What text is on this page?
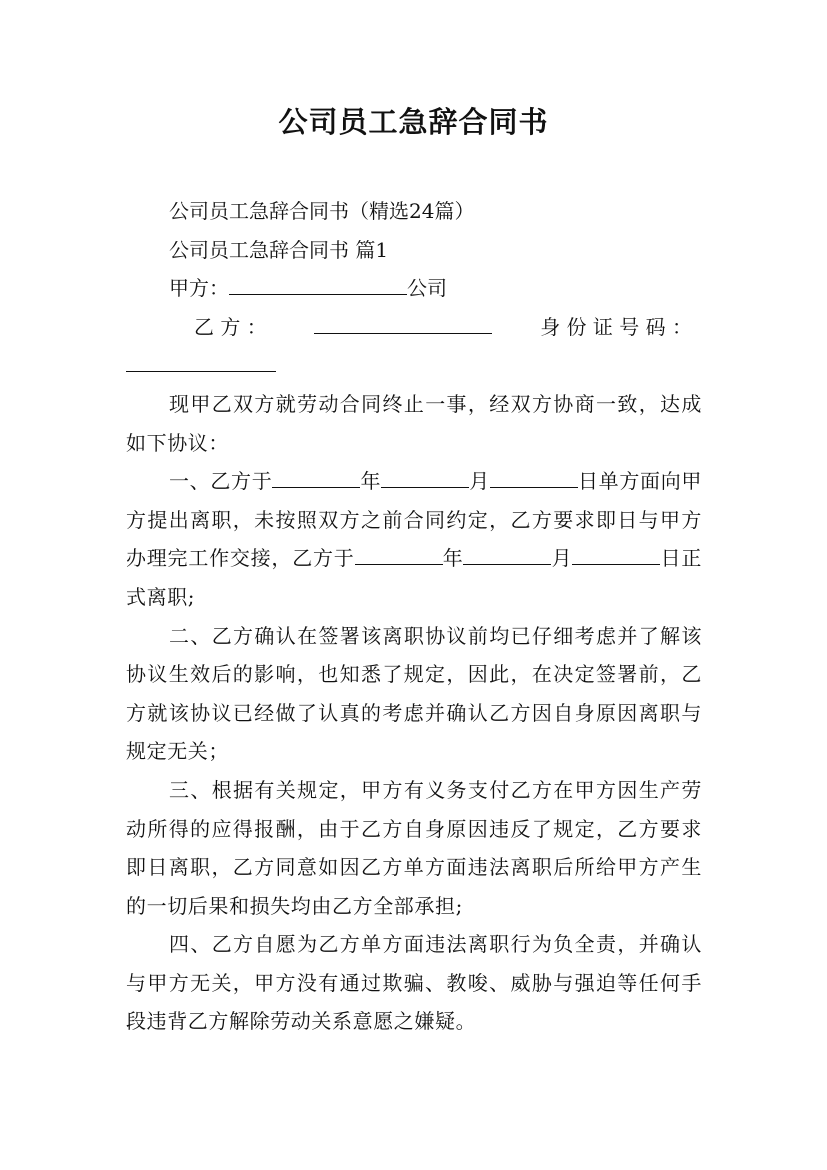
公司员工急辞合同书
公司员工急辞合同书（精选24篇）
公司员工急辞合同书 篇1
甲方：	公司
乙 方 ：	身 份 证 号 码 ：

现甲乙双方就劳动合同终止一事，经双方协商一致，达成如下协议：

一、乙方于	年	月	日单方面向甲方提出离职，未按照双方之前合同约定，乙方要求即日与甲方办理完工作交接，乙方于	年	月	日正式离职;

二、乙方确认在签署该离职协议前均已仔细考虑并了解该协议生效后的影响，也知悉了规定，因此，在决定签署前，乙方就该协议已经做了认真的考虑并确认乙方因自身原因离职与规定无关；

三、根据有关规定，甲方有义务支付乙方在甲方因生产劳动所得的应得报酬，由于乙方自身原因违反了规定，乙方要求即日离职，乙方同意如因乙方单方面违法离职后所给甲方产生的一切后果和损失均由乙方全部承担;

四、乙方自愿为乙方单方面违法离职行为负全责，并确认与甲方无关，甲方没有通过欺骗、教唆、威胁与强迫等任何手段违背乙方解除劳动关系意愿之嫌疑。
